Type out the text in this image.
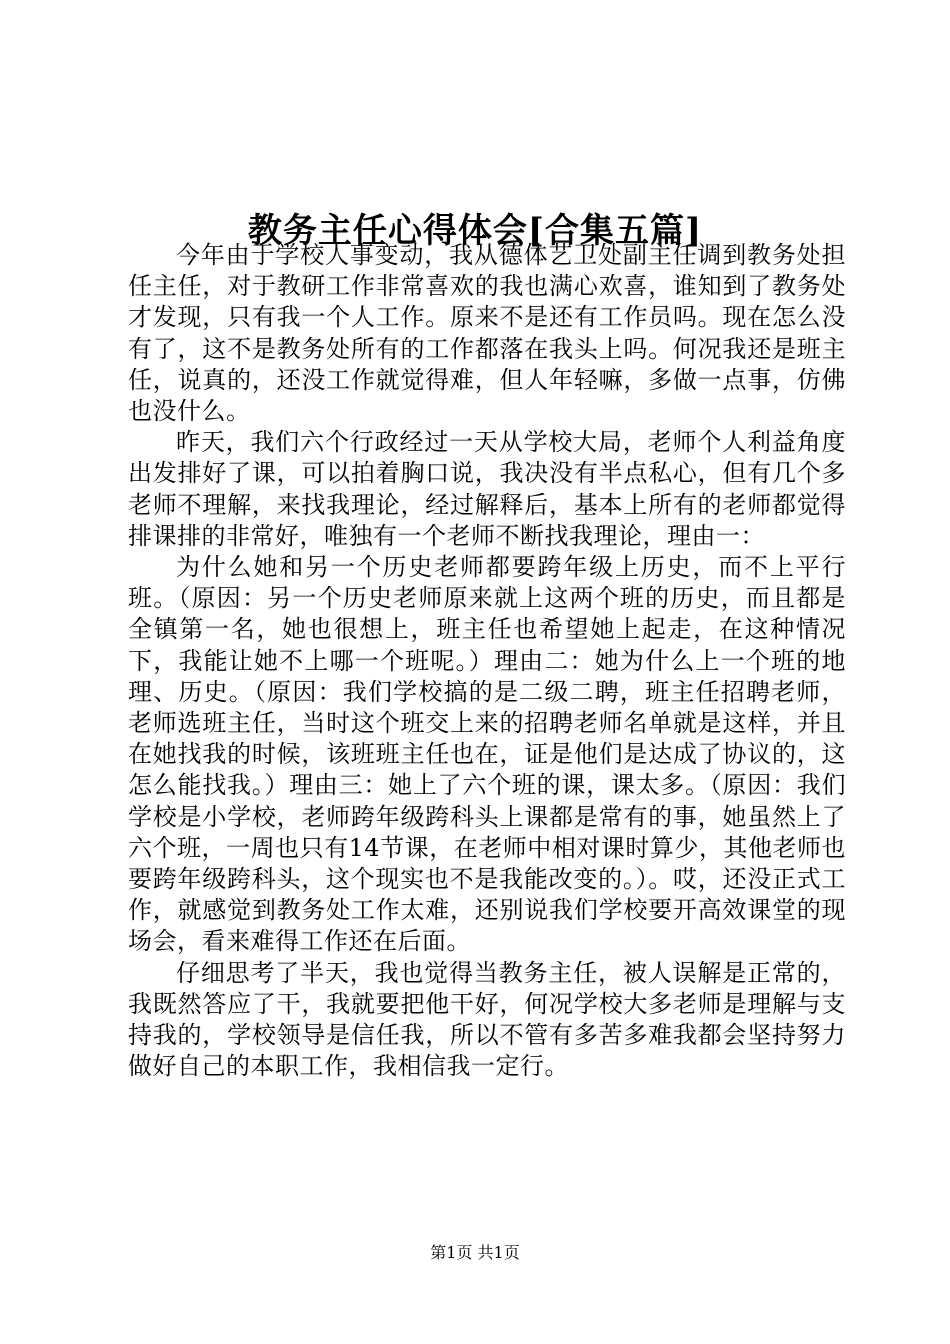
教务主任心得体会[合集五篇]

今年由于学校人事变动，我从德体艺卫处副主任调到教务处担任主任，对于教研工作非常喜欢的我也满心欢喜，谁知到了教务处才发现，只有我一个人工作。原来不是还有工作员吗。现在怎么没有了，这不是教务处所有的工作都落在我头上吗。何况我还是班主任，说真的，还没工作就觉得难，但人年轻嘛，多做一点事，仿佛也没什么。

昨天，我们六个行政经过一天从学校大局，老师个人利益角度出发排好了课，可以拍着胸口说，我决没有半点私心，但有几个多老师不理解，来找我理论，经过解释后，基本上所有的老师都觉得排课排的非常好，唯独有一个老师不断找我理论，理由一：

为什么她和另一个历史老师都要跨年级上历史，而不上平行班。（原因：另一个历史老师原来就上这两个班的历史，而且都是全镇第一名，她也很想上，班主任也希望她上起走，在这种情况下，我能让她不上哪一个班呢。）理由二：她为什么上一个班的地理、历史。（原因：我们学校搞的是二级二聘，班主任招聘老师，老师选班主任，当时这个班交上来的招聘老师名单就是这样，并且在她找我的时候，该班班主任也在，证是他们是达成了协议的，这怎么能找我。）理由三：她上了六个班的课，课太多。（原因：我们学校是小学校，老师跨年级跨科头上课都是常有的事，她虽然上了六个班，一周也只有14节课，在老师中相对课时算少，其他老师也要跨年级跨科头，这个现实也不是我能改变的。）。哎，还没正式工作，就感觉到教务处工作太难，还别说我们学校要开高效课堂的现场会，看来难得工作还在后面。

仔细思考了半天，我也觉得当教务主任，被人误解是正常的，我既然答应了干，我就要把他干好，何况学校大多老师是理解与支持我的，学校领导是信任我，所以不管有多苦多难我都会坚持努力做好自己的本职工作，我相信我一定行。

第1页 共1页
